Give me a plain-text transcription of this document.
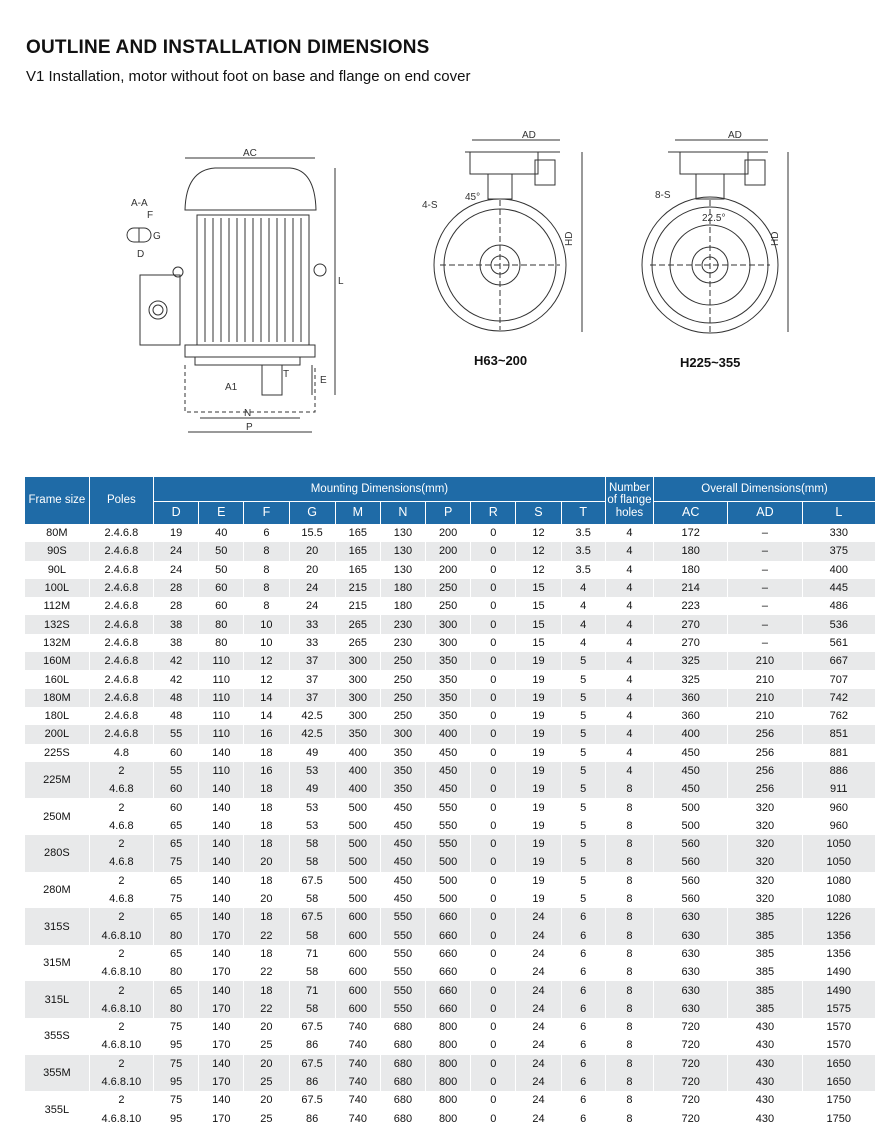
OUTLINE AND INSTALLATION DIMENSIONS
V1 Installation, motor without foot on base and flange on end cover
AC
L
N
P
E
T
A1
A-A
F
G
D
AD
HD
4-S
45°
AD
HD
8-S
22.5°
H63~200	H225~355
Frame size	Poles	Mounting Dimensions(mm)										Number of flange holes	Overall Dimensions(mm)		
		D	E	F	G	M	N	P	R	S	T		AC	AD	L
80M	2.4.6.8	19	40	6	15.5	165	130	200	0	12	3.5	4	172	–	330
90S	2.4.6.8	24	50	8	20	165	130	200	0	12	3.5	4	180	–	375
90L	2.4.6.8	24	50	8	20	165	130	200	0	12	3.5	4	180	–	400
100L	2.4.6.8	28	60	8	24	215	180	250	0	15	4	4	214	–	445
112M	2.4.6.8	28	60	8	24	215	180	250	0	15	4	4	223	–	486
132S	2.4.6.8	38	80	10	33	265	230	300	0	15	4	4	270	–	536
132M	2.4.6.8	38	80	10	33	265	230	300	0	15	4	4	270	–	561
160M	2.4.6.8	42	110	12	37	300	250	350	0	19	5	4	325	210	667
160L	2.4.6.8	42	110	12	37	300	250	350	0	19	5	4	325	210	707
180M	2.4.6.8	48	110	14	37	300	250	350	0	19	5	4	360	210	742
180L	2.4.6.8	48	110	14	42.5	300	250	350	0	19	5	4	360	210	762
200L	2.4.6.8	55	110	16	42.5	350	300	400	0	19	5	4	400	256	851
225S	4.8	60	140	18	49	400	350	450	0	19	5	4	450	256	881
225M	2	55	110	16	53	400	350	450	0	19	5	4	450	256	886
	4.6.8	60	140	18	49	400	350	450	0	19	5	8	450	256	911
250M	2	60	140	18	53	500	450	550	0	19	5	8	500	320	960
	4.6.8	65	140	18	53	500	450	550	0	19	5	8	500	320	960
280S	2	65	140	18	58	500	450	550	0	19	5	8	560	320	1050
	4.6.8	75	140	20	58	500	450	500	0	19	5	8	560	320	1050
280M	2	65	140	18	67.5	500	450	500	0	19	5	8	560	320	1080
	4.6.8	75	140	20	58	500	450	500	0	19	5	8	560	320	1080
315S	2	65	140	18	67.5	600	550	660	0	24	6	8	630	385	1226
	4.6.8.10	80	170	22	58	600	550	660	0	24	6	8	630	385	1356
315M	2	65	140	18	71	600	550	660	0	24	6	8	630	385	1356
	4.6.8.10	80	170	22	58	600	550	660	0	24	6	8	630	385	1490
315L	2	65	140	18	71	600	550	660	0	24	6	8	630	385	1490
	4.6.8.10	80	170	22	58	600	550	660	0	24	6	8	630	385	1575
355S	2	75	140	20	67.5	740	680	800	0	24	6	8	720	430	1570
	4.6.8.10	95	170	25	86	740	680	800	0	24	6	8	720	430	1570
355M	2	75	140	20	67.5	740	680	800	0	24	6	8	720	430	1650
	4.6.8.10	95	170	25	86	740	680	800	0	24	6	8	720	430	1650
355L	2	75	140	20	67.5	740	680	800	0	24	6	8	720	430	1750
	4.6.8.10	95	170	25	86	740	680	800	0	24	6	8	720	430	1750
